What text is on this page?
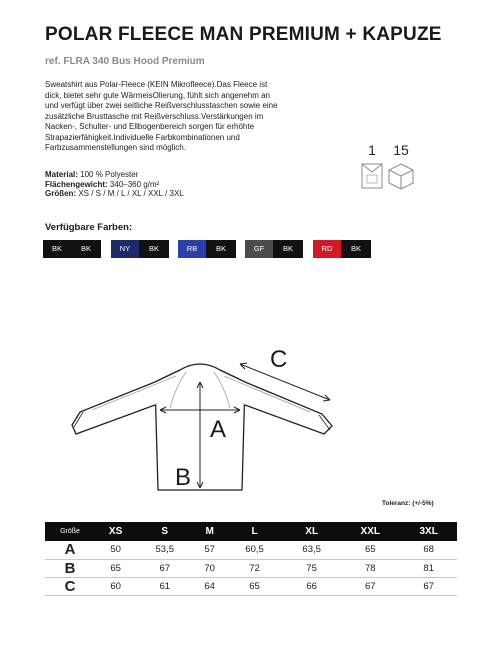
POLAR FLEECE MAN PREMIUM + KAPUZE
ref. FLRA 340 Bus Hood Premium
Sweatshirt aus Polar-Fleece (KEIN Mikrofleece).Das Fleece ist dick, bietet sehr gute WärmeisOlierung, fühlt sich angenehm an und verfügt über zwei seitliche Reißverschlusstaschen sowie eine zusätzliche Brusttasche mit Reißverschluss.Verstärkungen im Nacken-, Schulter- und Ellbogenbereich sorgen für erhöhte Strapazierfähigkeit.Individuelle Farbkombinationen und Farbzusammenstellungen sind möglich.
Material: 100 % Polyester
Flächengewicht: 340–360 g/m²
Größen: XS / S / M / L / XL / XXL / 3XL
1	15
Verfügbare Farben:
BK	BK	NY	BK	RB	BK	GF	BK	RD	BK
A
B
C
Toleranz: (+/-5%)
Größe	XS	S	M	L	XL	XXL	3XL
A	50	53,5	57	60,5	63,5	65	68
B	65	67	70	72	75	78	81
C	60	61	64	65	66	67	67
